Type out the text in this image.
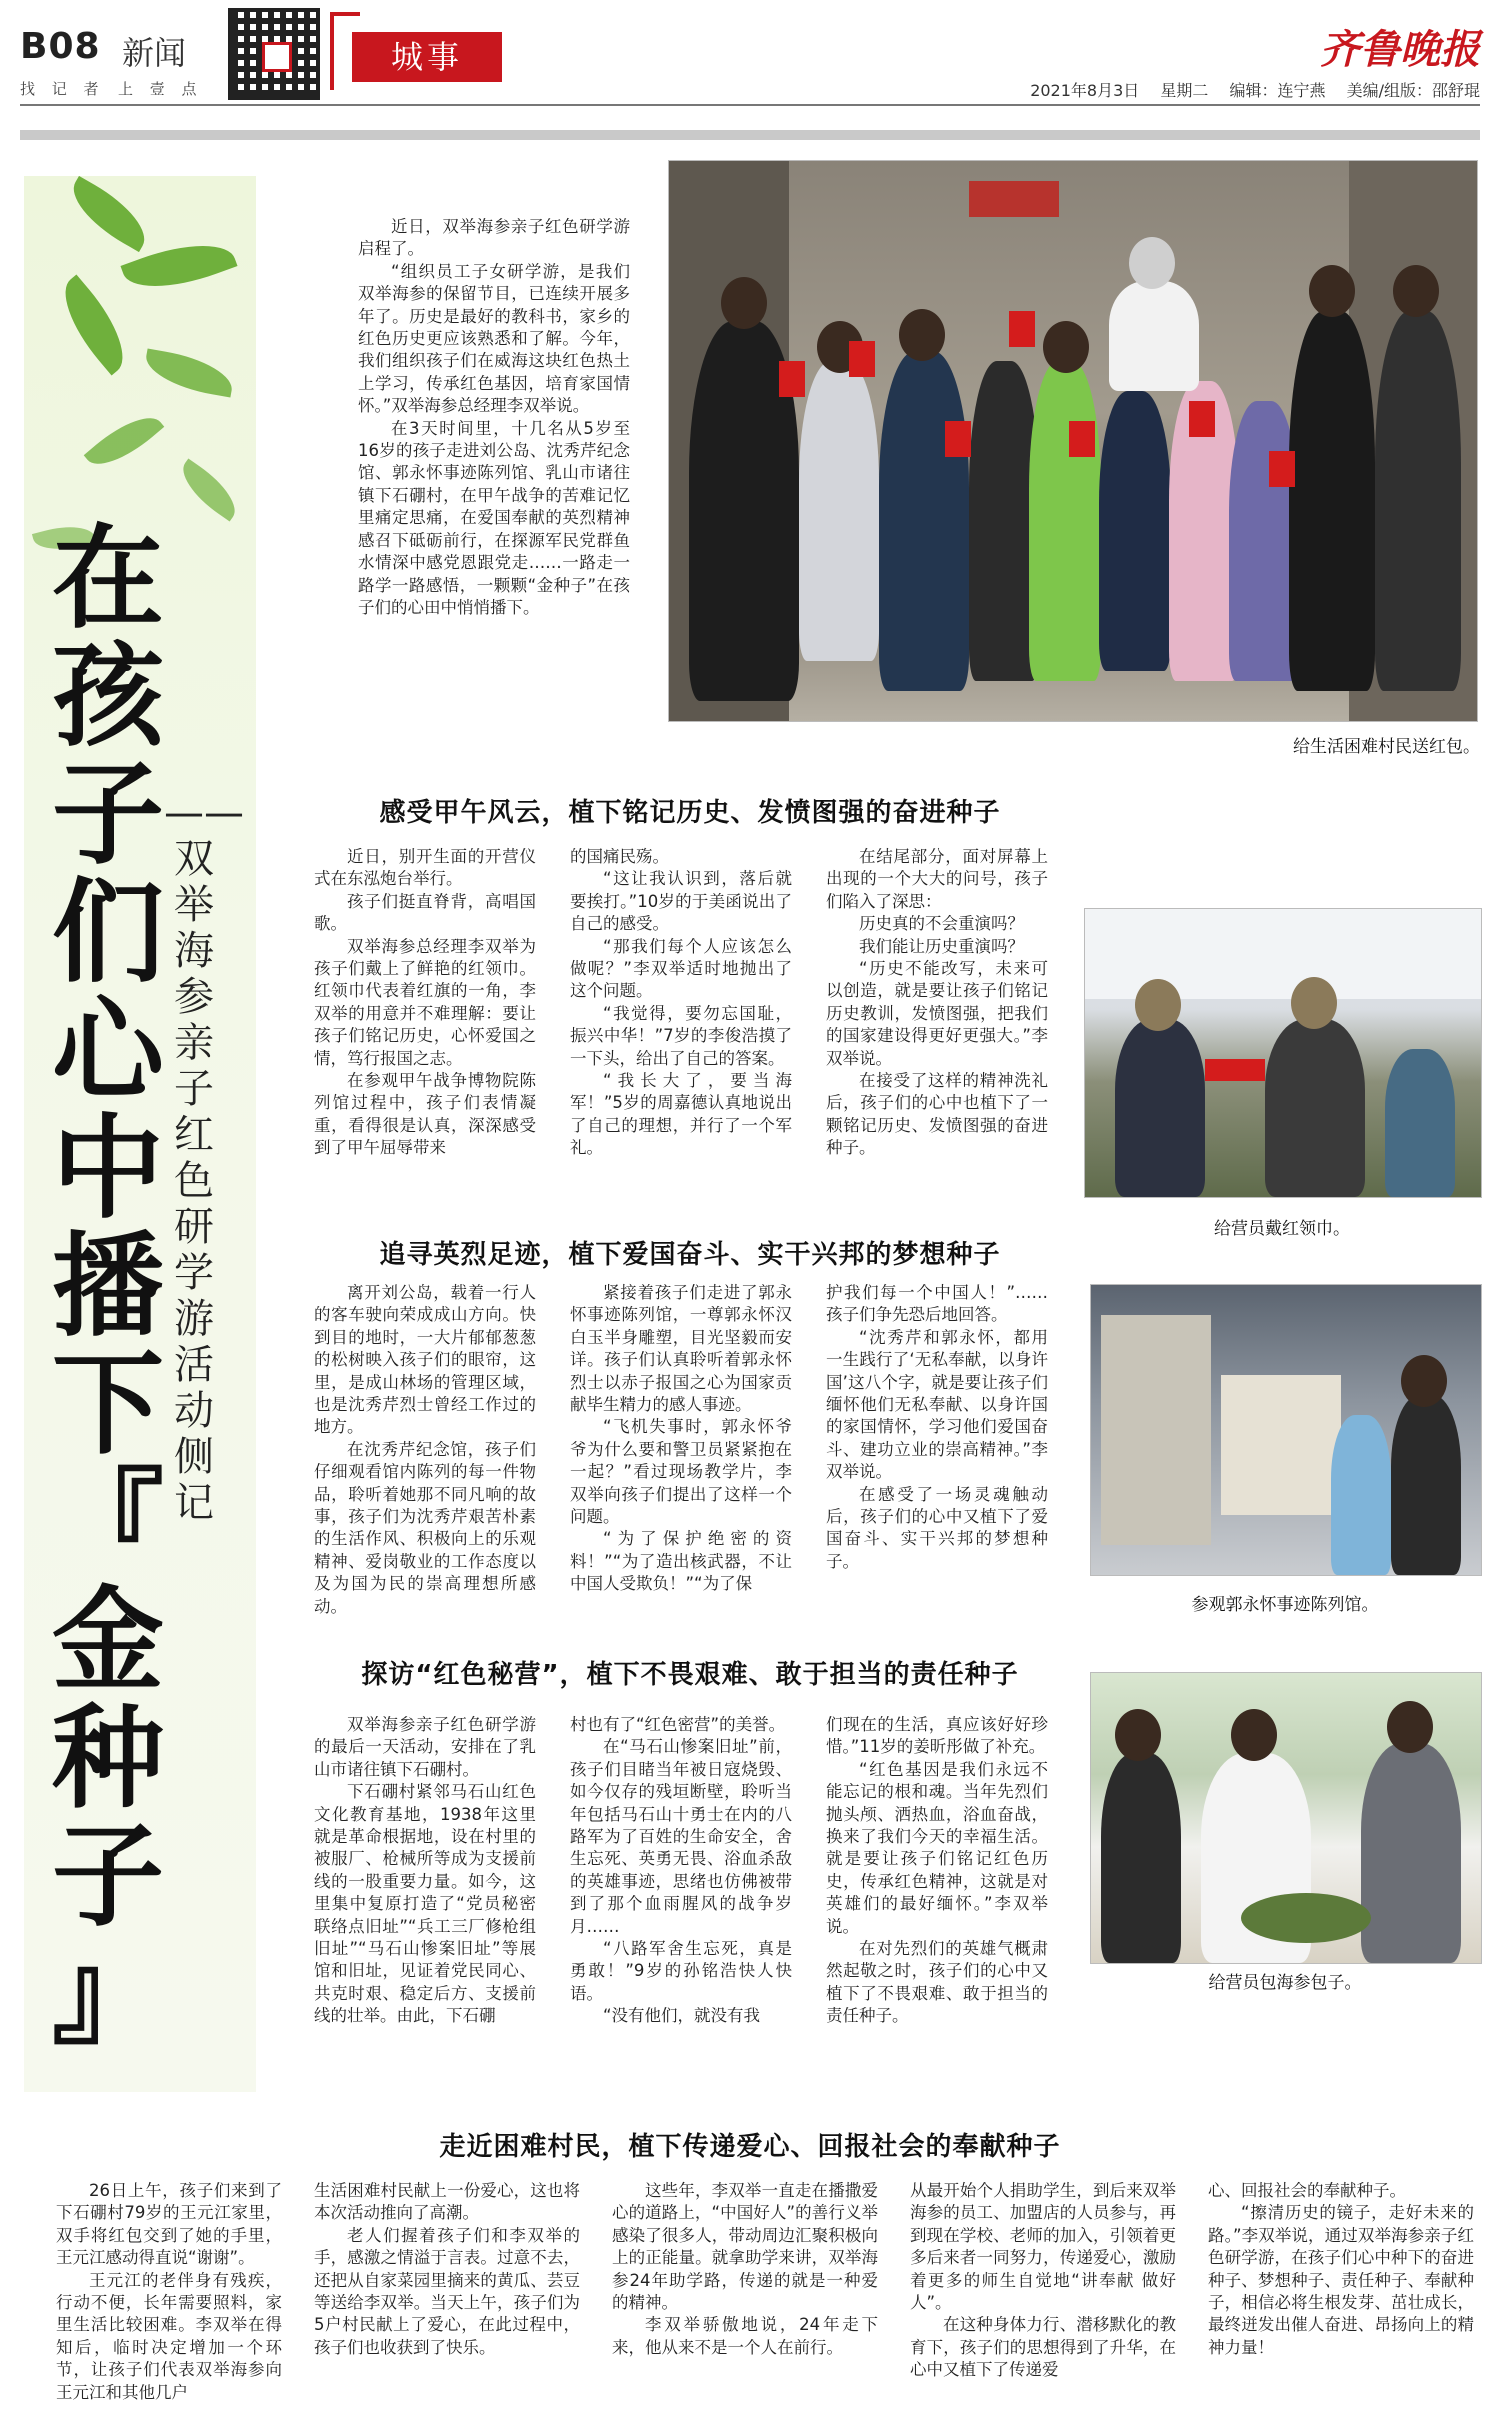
B08 新闻
找 记 者 上 壹 点
城事	齐鲁晚报
2021年8月3日 星期二 编辑：连宁燕 美编/组版：邵舒琨
在
孩
子
们
心
中
播
下
『
金
种
子
』
——
双
举
海
参
亲
子
红
色
研
学
游
活
动
侧
记

近日，双举海参亲子红色研学游启程了。

“组织员工子女研学游，是我们双举海参的保留节目，已连续开展多年了。历史是最好的教科书，家乡的红色历史更应该熟悉和了解。今年，我们组织孩子们在威海这块红色热土上学习，传承红色基因，培育家国情怀。”双举海参总经理李双举说。

在3天时间里，十几名从5岁至16岁的孩子走进刘公岛、沈秀芹纪念馆、郭永怀事迹陈列馆、乳山市诸往镇下石硼村，在甲午战争的苦难记忆里痛定思痛，在爱国奉献的英烈精神感召下砥砺前行，在探源军民党群鱼水情深中感党恩跟党走……一路走一路学一路感悟，一颗颗“金种子”在孩子们的心田中悄悄播下。

给生活困难村民送红包。
感受甲午风云，植下铭记历史、发愤图强的奋进种子

近日，别开生面的开营仪式在东泓炮台举行。

孩子们挺直脊背，高唱国歌。

双举海参总经理李双举为孩子们戴上了鲜艳的红领巾。红领巾代表着红旗的一角，李双举的用意并不难理解：要让孩子们铭记历史，心怀爱国之情，笃行报国之志。

在参观甲午战争博物院陈列馆过程中，孩子们表情凝重，看得很是认真，深深感受到了甲午屈辱带来

的国痛民殇。

“这让我认识到，落后就要挨打。”10岁的于美函说出了自己的感受。

“那我们每个人应该怎么做呢？”李双举适时地抛出了这个问题。

“我觉得，要勿忘国耻，振兴中华！”7岁的李俊浩摸了一下头，给出了自己的答案。

“我长大了，要当海军！”5岁的周嘉德认真地说出了自己的理想，并行了一个军礼。

在结尾部分，面对屏幕上出现的一个大大的问号，孩子们陷入了深思：

历史真的不会重演吗？

我们能让历史重演吗？

“历史不能改写，未来可以创造，就是要让孩子们铭记历史教训，发愤图强，把我们的国家建设得更好更强大。”李双举说。

在接受了这样的精神洗礼后，孩子们的心中也植下了一颗铭记历史、发愤图强的奋进种子。

给营员戴红领巾。
追寻英烈足迹，植下爱国奋斗、实干兴邦的梦想种子

离开刘公岛，载着一行人的客车驶向荣成成山方向。快到目的地时，一大片郁郁葱葱的松树映入孩子们的眼帘，这里，是成山林场的管理区域，也是沈秀芹烈士曾经工作过的地方。

在沈秀芹纪念馆，孩子们仔细观看馆内陈列的每一件物品，聆听着她那不同凡响的故事，孩子们为沈秀芹艰苦朴素的生活作风、积极向上的乐观精神、爱岗敬业的工作态度以及为国为民的崇高理想所感动。

紧接着孩子们走进了郭永怀事迹陈列馆，一尊郭永怀汉白玉半身雕塑，目光坚毅而安详。孩子们认真聆听着郭永怀烈士以赤子报国之心为国家贡献毕生精力的感人事迹。

“飞机失事时，郭永怀爷爷为什么要和警卫员紧紧抱在一起？”看过现场教学片，李双举向孩子们提出了这样一个问题。

“为了保护绝密的资料！”“为了造出核武器，不让中国人受欺负！”“为了保

护我们每一个中国人！”……孩子们争先恐后地回答。

“沈秀芹和郭永怀，都用一生践行了‘无私奉献，以身许国’这八个字，就是要让孩子们缅怀他们无私奉献、以身许国的家国情怀，学习他们爱国奋斗、建功立业的崇高精神。”李双举说。

在感受了一场灵魂触动后，孩子们的心中又植下了爱国奋斗、实干兴邦的梦想种子。

参观郭永怀事迹陈列馆。
探访“红色秘营”，植下不畏艰难、敢于担当的责任种子

双举海参亲子红色研学游的最后一天活动，安排在了乳山市诸往镇下石硼村。

下石硼村紧邻马石山红色文化教育基地，1938年这里就是革命根据地，设在村里的被服厂、枪械所等成为支援前线的一股重要力量。如今，这里集中复原打造了“党员秘密联络点旧址”“兵工三厂修枪组旧址”“马石山惨案旧址”等展馆和旧址，见证着党民同心、共克时艰、稳定后方、支援前线的壮举。由此，下石硼

村也有了“红色密营”的美誉。

在“马石山惨案旧址”前，孩子们目睹当年被日寇烧毁、如今仅存的残垣断壁，聆听当年包括马石山十勇士在内的八路军为了百姓的生命安全，舍生忘死、英勇无畏、浴血杀敌的英雄事迹，思绪也仿佛被带到了那个血雨腥风的战争岁月……

“八路军舍生忘死，真是勇敢！”9岁的孙铭浩快人快语。

“没有他们，就没有我

们现在的生活，真应该好好珍惜。”11岁的姜昕彤做了补充。

“红色基因是我们永远不能忘记的根和魂。当年先烈们抛头颅、洒热血，浴血奋战，换来了我们今天的幸福生活。就是要让孩子们铭记红色历史，传承红色精神，这就是对英雄们的最好缅怀。”李双举说。

在对先烈们的英雄气概肃然起敬之时，孩子们的心中又植下了不畏艰难、敢于担当的责任种子。

给营员包海参包子。
走近困难村民，植下传递爱心、回报社会的奉献种子

26日上午，孩子们来到了下石硼村79岁的王元江家里，双手将红包交到了她的手里，王元江感动得直说“谢谢”。

王元江的老伴身有残疾，行动不便，长年需要照料，家里生活比较困难。李双举在得知后，临时决定增加一个环节，让孩子们代表双举海参向王元江和其他几户

生活困难村民献上一份爱心，这也将本次活动推向了高潮。

老人们握着孩子们和李双举的手，感激之情溢于言表。过意不去，还把从自家菜园里摘来的黄瓜、芸豆等送给李双举。当天上午，孩子们为5户村民献上了爱心，在此过程中，孩子们也收获到了快乐。

这些年，李双举一直走在播撒爱心的道路上，“中国好人”的善行义举感染了很多人，带动周边汇聚积极向上的正能量。就拿助学来讲，双举海参24年助学路，传递的就是一种爱的精神。

李双举骄傲地说，24年走下来，他从来不是一个人在前行。

从最开始个人捐助学生，到后来双举海参的员工、加盟店的人员参与，再到现在学校、老师的加入，引领着更多后来者一同努力，传递爱心，激励着更多的师生自觉地“讲奉献 做好人”。

在这种身体力行、潜移默化的教育下，孩子们的思想得到了升华，在心中又植下了传递爱

心、回报社会的奉献种子。

“擦清历史的镜子，走好未来的路。”李双举说，通过双举海参亲子红色研学游，在孩子们心中种下的奋进种子、梦想种子、责任种子、奉献种子，相信必将生根发芽、茁壮成长，最终迸发出催人奋进、昂扬向上的精神力量！
